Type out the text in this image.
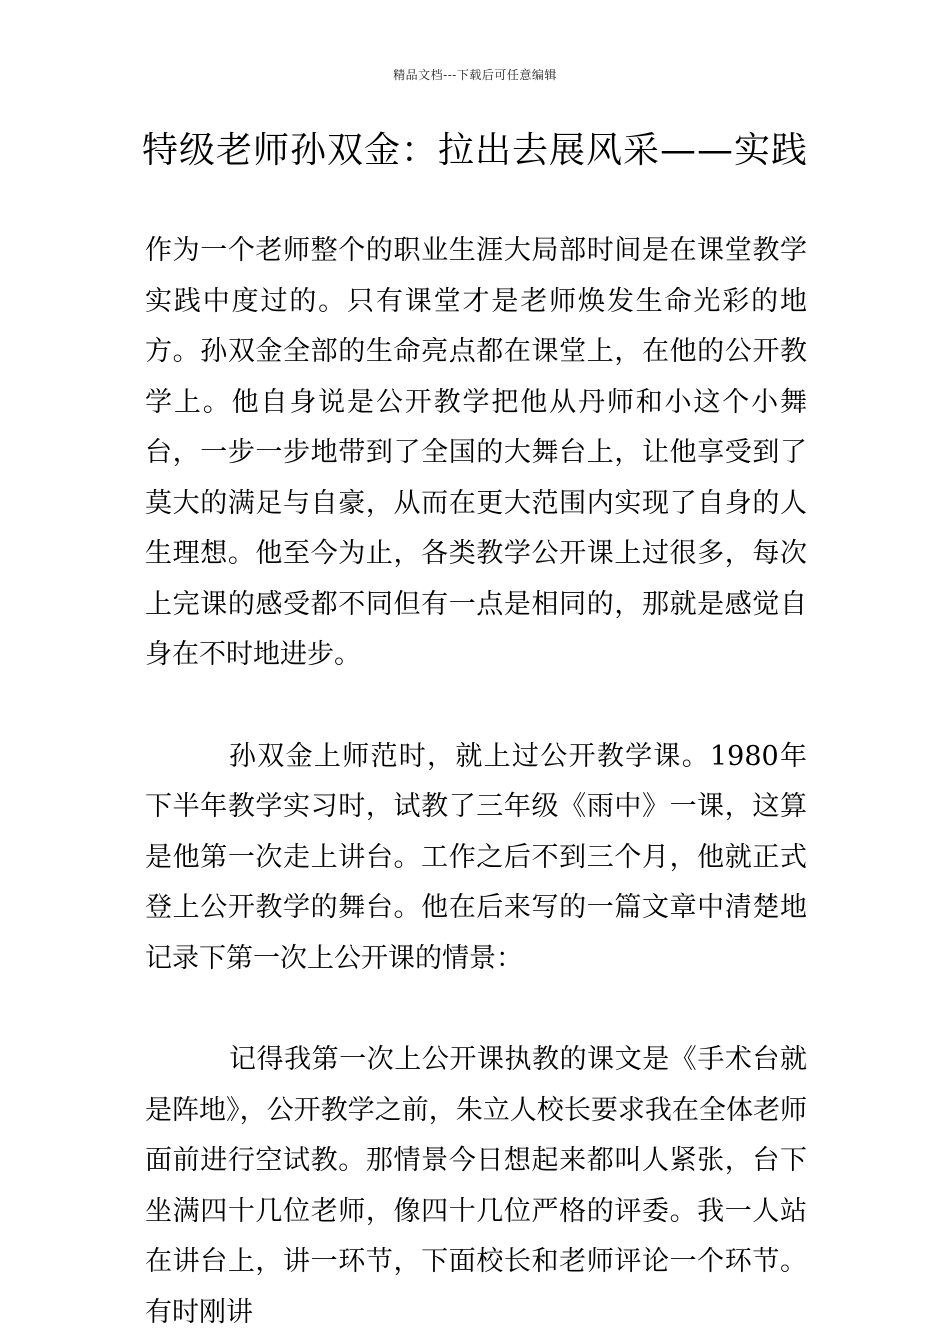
精品文档---下载后可任意编辑
特级老师孙双金：拉出去展风采——实践

作为一个老师整个的职业生涯大局部时间是在课堂教学实践中度过的。只有课堂才是老师焕发生命光彩的地方。孙双金全部的生命亮点都在课堂上，在他的公开教学上。他自身说是公开教学把他从丹师和小这个小舞台，一步一步地带到了全国的大舞台上，让他享受到了莫大的满足与自豪，从而在更大范围内实现了自身的人生理想。他至今为止，各类教学公开课上过很多，每次上完课的感受都不同但有一点是相同的，那就是感觉自身在不时地进步。

孙双金上师范时，就上过公开教学课。1980年下半年教学实习时，试教了三年级《雨中》一课，这算是他第一次走上讲台。工作之后不到三个月，他就正式登上公开教学的舞台。他在后来写的一篇文章中清楚地记录下第一次上公开课的情景：

记得我第一次上公开课执教的课文是《手术台就是阵地》，公开教学之前，朱立人校长要求我在全体老师面前进行空试教。那情景今日想起来都叫人紧张，台下坐满四十几位老师，像四十几位严格的评委。我一人站在讲台上，讲一环节，下面校长和老师评论一个环节。有时刚讲
